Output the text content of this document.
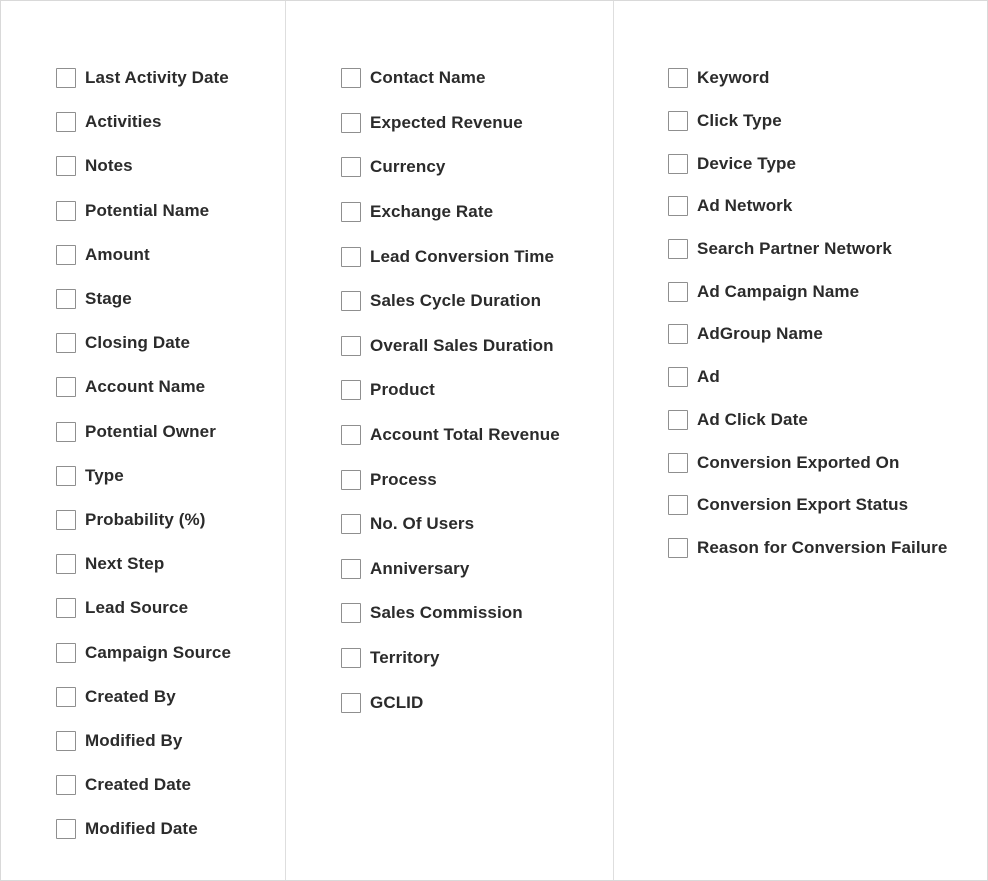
Last Activity Date
Activities
Notes
Potential Name
Amount
Stage
Closing Date
Account Name
Potential Owner
Type
Probability (%)
Next Step
Lead Source
Campaign Source
Created By
Modified By
Created Date
Modified Date
Contact Name
Expected Revenue
Currency
Exchange Rate
Lead Conversion Time
Sales Cycle Duration
Overall Sales Duration
Product
Account Total Revenue
Process
No. Of Users
Anniversary
Sales Commission
Territory
GCLID
Keyword
Click Type
Device Type
Ad Network
Search Partner Network
Ad Campaign Name
AdGroup Name
Ad
Ad Click Date
Conversion Exported On
Conversion Export Status
Reason for Conversion Failure
